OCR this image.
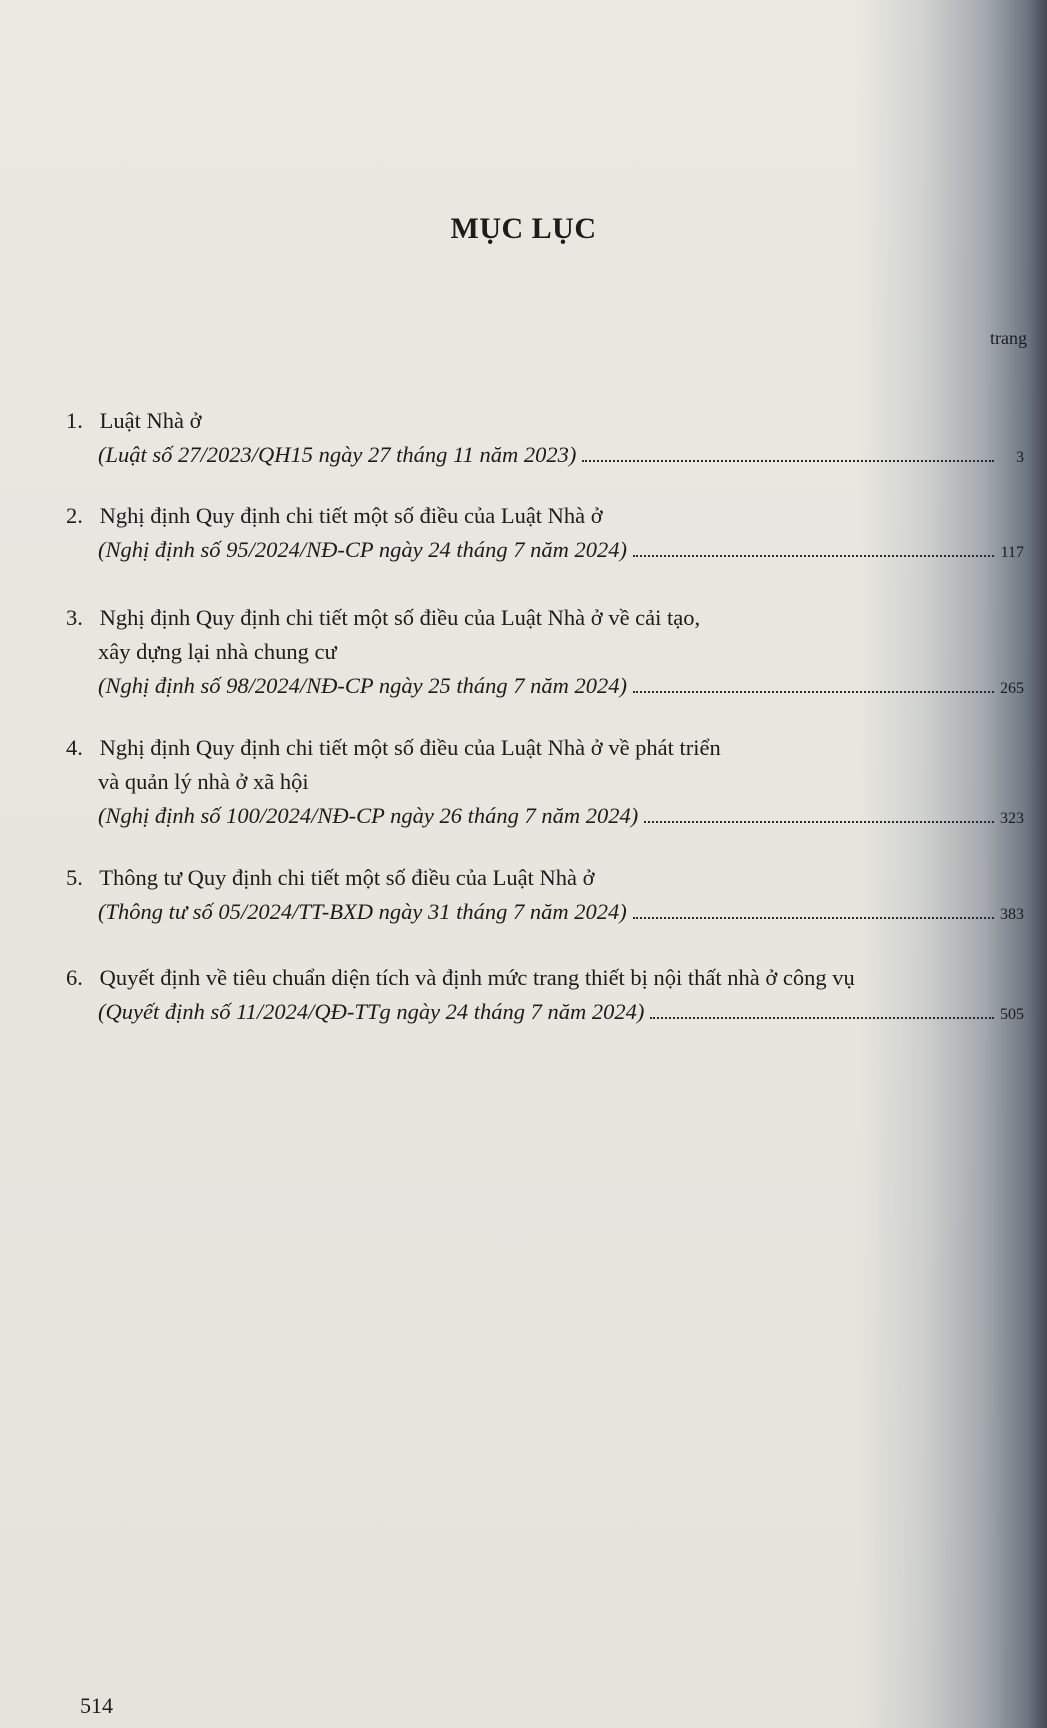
MỤC LỤC
trang
1. Luật Nhà ở
(Luật số 27/2023/QH15 ngày 27 tháng 11 năm 2023)	3
2. Nghị định Quy định chi tiết một số điều của Luật Nhà ở
(Nghị định số 95/2024/NĐ-CP ngày 24 tháng 7 năm 2024)	117
3. Nghị định Quy định chi tiết một số điều của Luật Nhà ở về cải tạo,
xây dựng lại nhà chung cư
(Nghị định số 98/2024/NĐ-CP ngày 25 tháng 7 năm 2024)	265
4. Nghị định Quy định chi tiết một số điều của Luật Nhà ở về phát triển
và quản lý nhà ở xã hội
(Nghị định số 100/2024/NĐ-CP ngày 26 tháng 7 năm 2024)	323
5. Thông tư Quy định chi tiết một số điều của Luật Nhà ở
(Thông tư số 05/2024/TT-BXD ngày 31 tháng 7 năm 2024)	383
6. Quyết định về tiêu chuẩn diện tích và định mức trang thiết bị nội thất nhà ở công vụ
(Quyết định số 11/2024/QĐ-TTg ngày 24 tháng 7 năm 2024)	505
514
